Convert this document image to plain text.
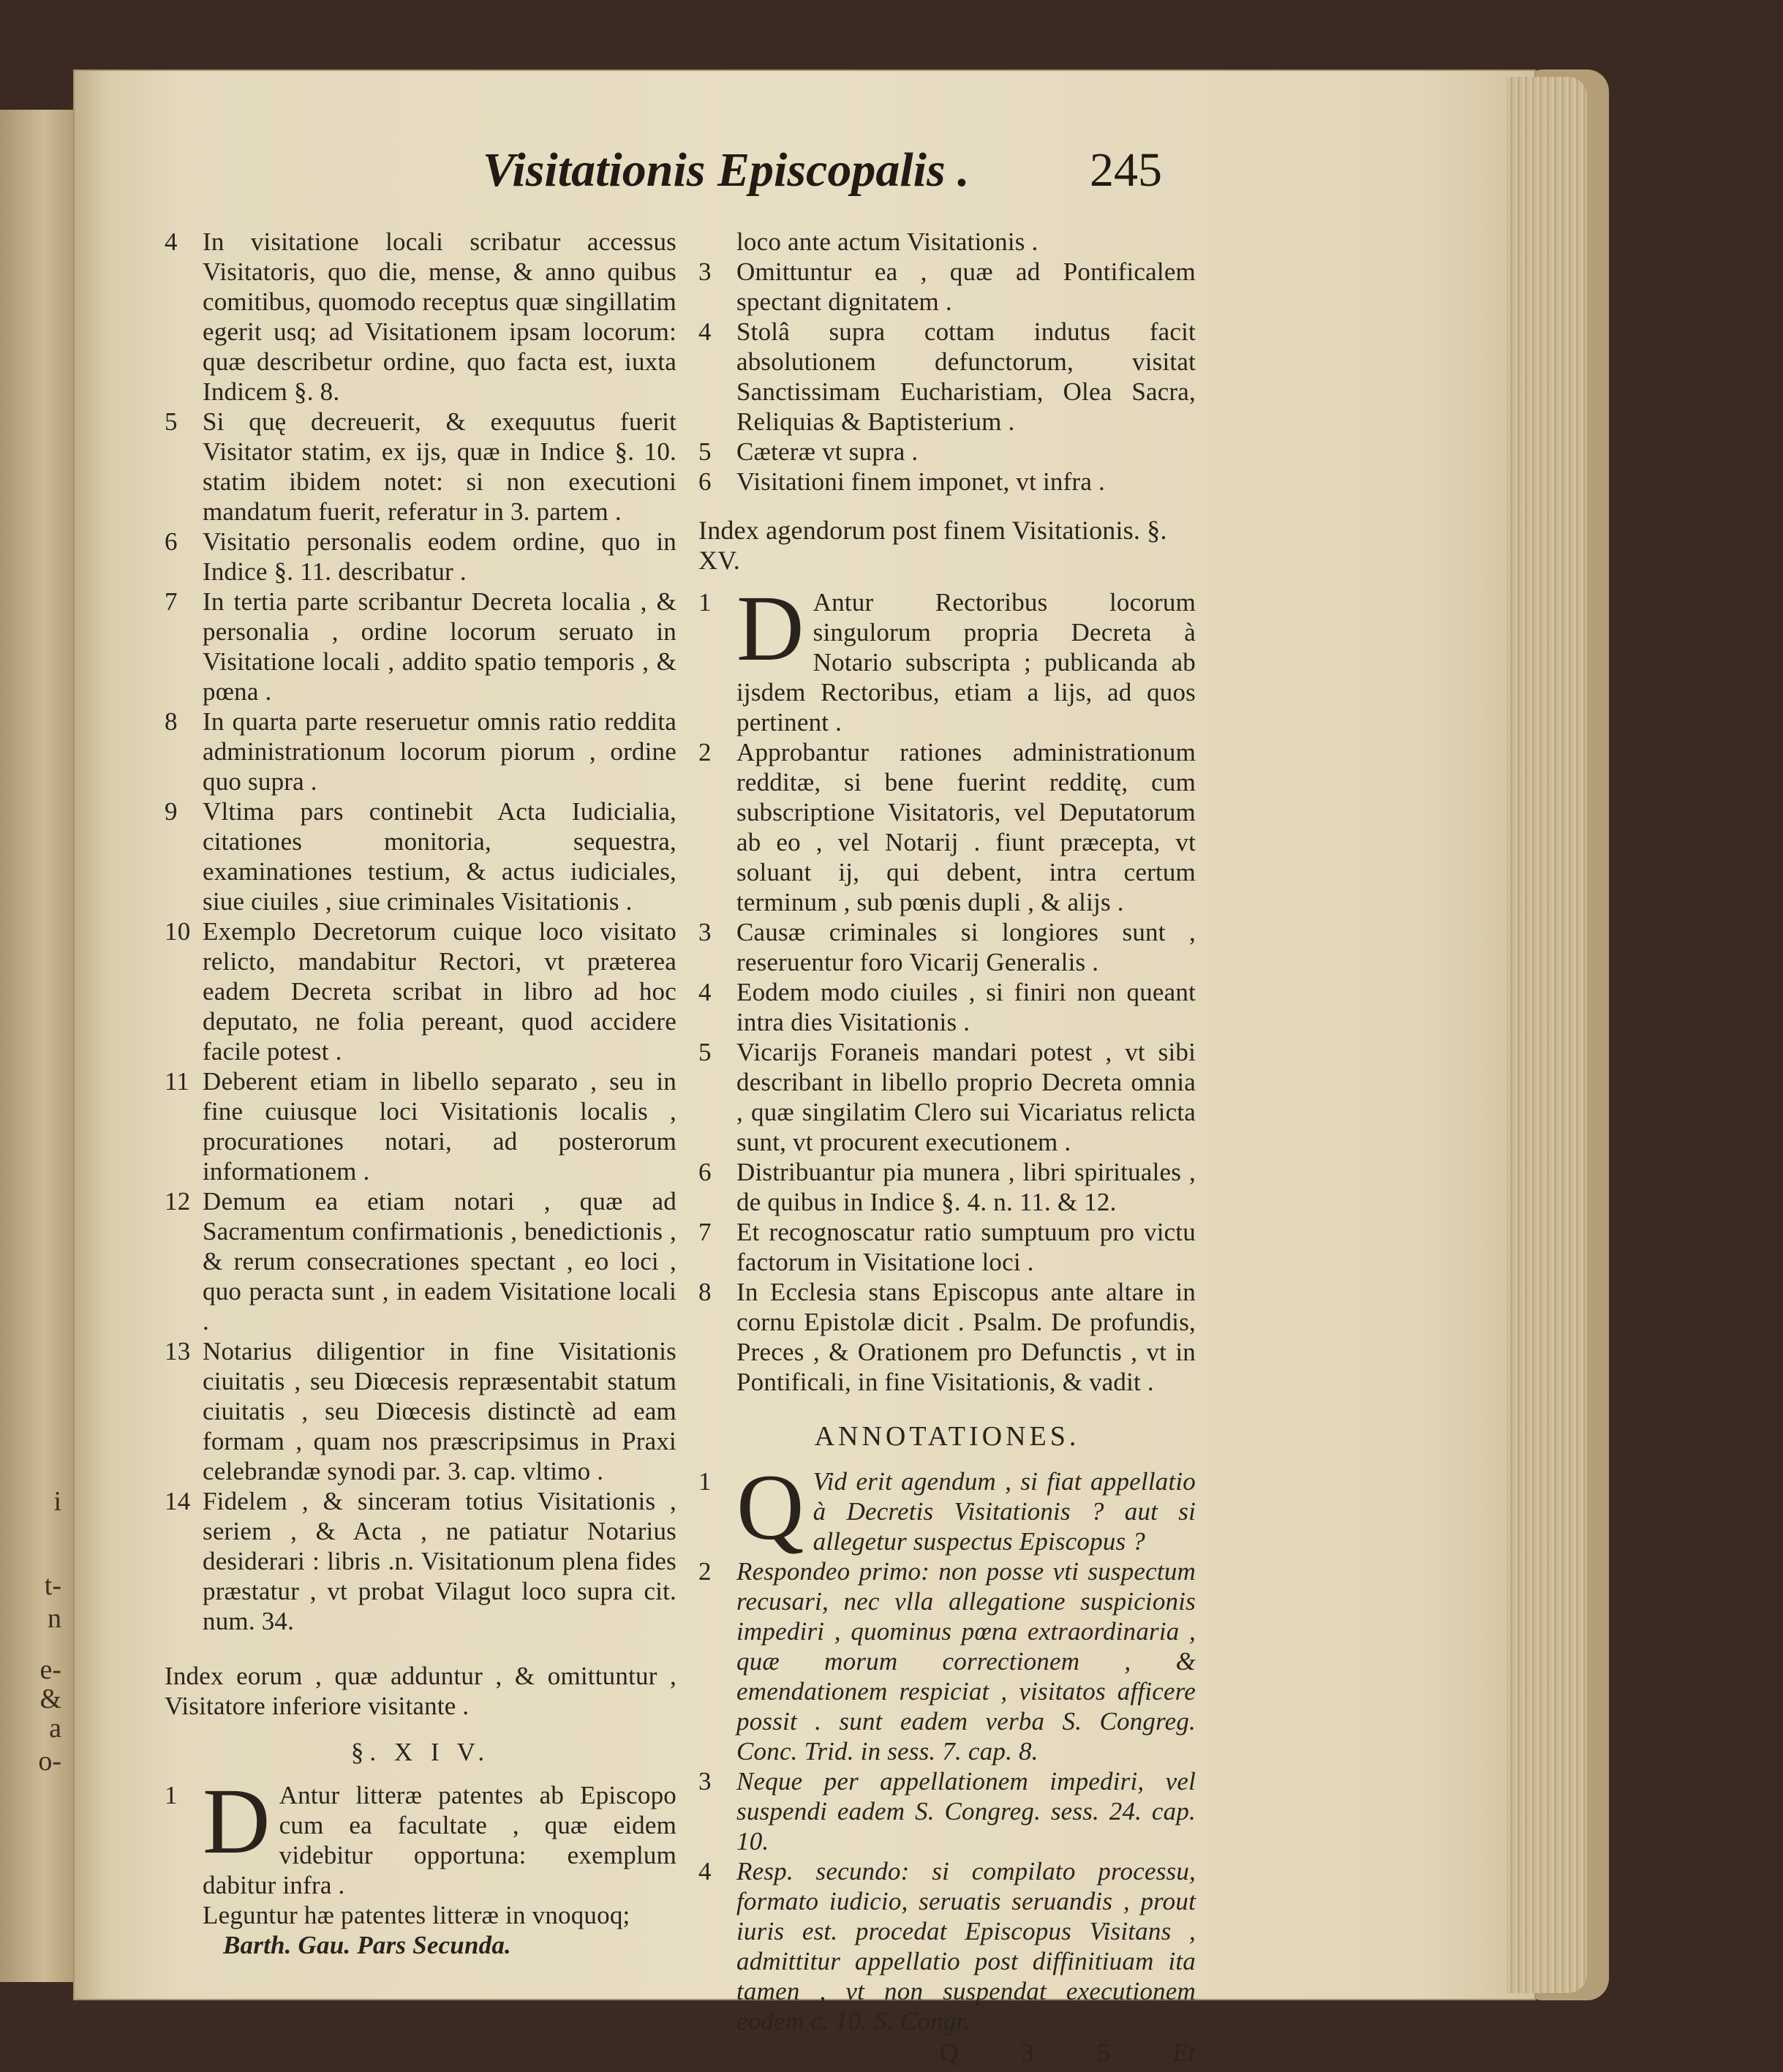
i
t-
n
e-
&
a
o-
Visitationis Episcopalis . 245
4 In visitatione locali scribatur accessus Visitatoris, quo die, mense, & anno quibus comitibus, quomodo receptus quæ singillatim egerit usq; ad Visitationem ipsam locorum: quæ describetur ordine, quo facta est, iuxta Indicem §. 8.
5 Si quę decreuerit, & exequutus fuerit Visitator statim, ex ijs, quæ in Indice §. 10. statim ibidem notet: si non executioni mandatum fuerit, referatur in 3. partem .
6 Visitatio personalis eodem ordine, quo in Indice §. 11. describatur .
7 In tertia parte scribantur Decreta localia , & personalia , ordine locorum seruato in Visitatione locali , addito spatio temporis , & pœna .
8 In quarta parte reseruetur omnis ratio reddita administrationum locorum piorum , ordine quo supra .
9 Vltima pars continebit Acta Iudicialia, citationes monitoria, sequestra, examinationes testium, & actus iudiciales, siue ciuiles , siue criminales Visitationis .
10 Exemplo Decretorum cuique loco visitato relicto, mandabitur Rectori, vt præterea eadem Decreta scribat in libro ad hoc deputato, ne folia pereant, quod accidere facile potest .
11 Deberent etiam in libello separato , seu in fine cuiusque loci Visitationis localis , procurationes notari, ad posterorum informationem .
12 Demum ea etiam notari , quæ ad Sacramentum confirmationis , benedictionis , & rerum consecrationes spectant , eo loci , quo peracta sunt , in eadem Visitatione locali .
13 Notarius diligentior in fine Visitationis ciuitatis , seu Diœcesis repræsentabit statum ciuitatis , seu Diœcesis distinctè ad eam formam , quam nos præscripsimus in Praxi celebrandæ synodi par. 3. cap. vltimo .
14 Fidelem , & sinceram totius Visitationis , seriem , & Acta , ne patiatur Notarius desiderari : libris .n. Visitationum plena fides præstatur , vt probat Vilagut loco supra cit. num. 34.
Index eorum , quæ adduntur , & omittuntur , Visitatore inferiore visitante .
§. X I V.
1 D Antur litteræ patentes ab Episcopo cum ea facultate , quæ eidem videbitur opportuna: exemplum dabitur infra .
Leguntur hæ patentes litteræ in vnoquoq;
Barth. Gau. Pars Secunda.
loco ante actum Visitationis .
3 Omittuntur ea , quæ ad Pontificalem spectant dignitatem .
4 Stolâ supra cottam indutus facit absolutionem defunctorum, visitat Sanctissimam Eucharistiam, Olea Sacra, Reliquias & Baptisterium .
5 Cæteræ vt supra .
6 Visitationi finem imponet, vt infra .
Index agendorum post finem Visitationis. §. XV.
1 D Antur Rectoribus locorum singulorum propria Decreta à Notario subscripta ; publicanda ab ijsdem Rectoribus, etiam a lijs, ad quos pertinent .
2 Approbantur rationes administrationum redditæ, si bene fuerint redditę, cum subscriptione Visitatoris, vel Deputatorum ab eo , vel Notarij . fiunt præcepta, vt soluant ij, qui debent, intra certum terminum , sub pœnis dupli , & alijs .
3 Causæ criminales si longiores sunt , reseruentur foro Vicarij Generalis .
4 Eodem modo ciuiles , si finiri non queant intra dies Visitationis .
5 Vicarijs Foraneis mandari potest , vt sibi describant in libello proprio Decreta omnia , quæ singilatim Clero sui Vicariatus relicta sunt, vt procurent executionem .
6 Distribuantur pia munera , libri spirituales , de quibus in Indice §. 4. n. 11. & 12.
7 Et recognoscatur ratio sumptuum pro victu factorum in Visitatione loci .
8 In Ecclesia stans Episcopus ante altare in cornu Epistolæ dicit . Psalm. De profundis, Preces , & Orationem pro Defunctis , vt in Pontificali, in fine Visitationis, & vadit .
ANNOTATIONES.
1 Q Vid erit agendum , si fiat appellatio à Decretis Visitationis ? aut si allegetur suspectus Episcopus ?
2 Respondeo primo: non posse vti suspectum recusari, nec vlla allegatione suspicionis impediri , quominus pœna extraordinaria , quæ morum correctionem , & emendationem respiciat , visitatos afficere possit . sunt eadem verba S. Congreg. Conc. Trid. in sess. 7. cap. 8.
3 Neque per appellationem impediri, vel suspendi eadem S. Congreg. sess. 24. cap. 10.
4 Resp. secundo: si compilato processu, formato iudicio, seruatis seruandis , prout iuris est. procedat Episcopus Visitans , admittitur appellatio post diffinitiuam ita tamen , vt non suspendat executionem eodem c. 10. S. Congr.
Q 3 5 Et
